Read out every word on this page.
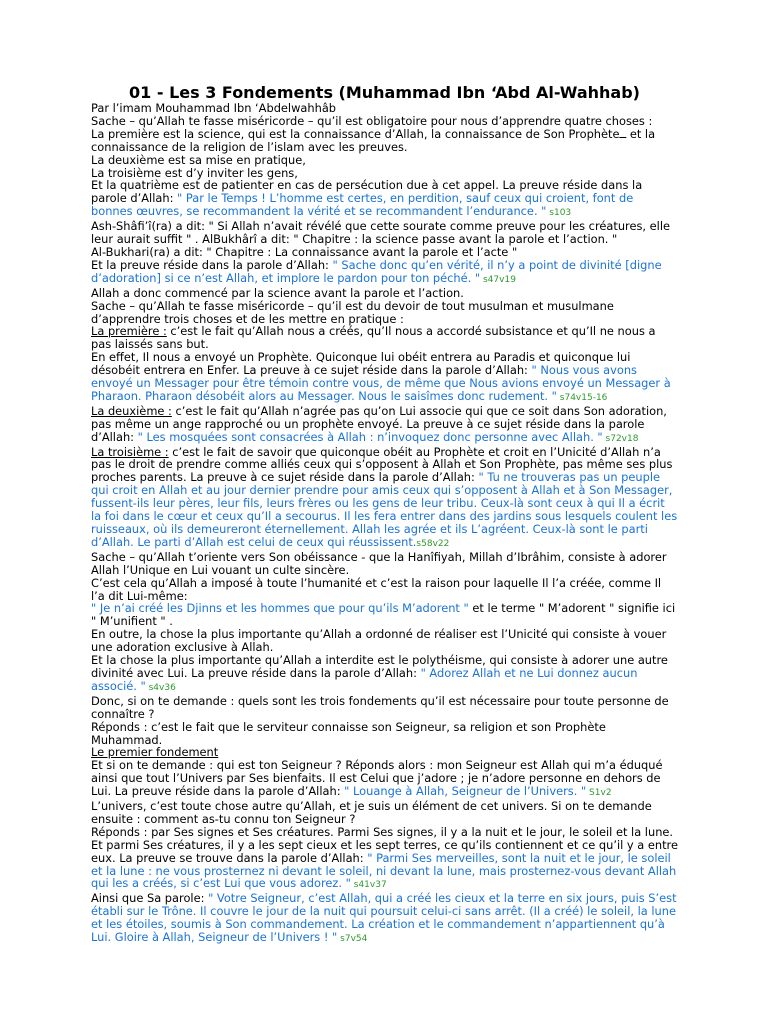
01 - Les 3 Fondements (Muhammad Ibn ‘Abd Al-Wahhab)

Par l’imam Mouhammad Ibn ‘Abdelwahhâb

Sache – qu’Allah te fasse miséricorde – qu’il est obligatoire pour nous d’apprendre quatre choses :

La première est la science, qui est la connaissance d’Allah, la connaissance de Son Prophèteــ et la connaissance de la religion de l’islam avec les preuves.

La deuxième est sa mise en pratique,

La troisième est d’y inviter les gens,

Et la quatrième est de patienter en cas de persécution due à cet appel. La preuve réside dans la parole d’Allah: " Par le Temps ! L’homme est certes, en perdition, sauf ceux qui croient, font de bonnes œuvres, se recommandent la vérité et se recommandent l’endurance. " s103

Ash-Shâfi’î(ra) a dit: " Si Allah n’avait révélé que cette sourate comme preuve pour les créatures, elle leur aurait suffit " . AlBukhârî a dit: " Chapitre : la science passe avant la parole et l’action. "

Al-Bukhari(ra) a dit: " Chapitre : La connaissance avant la parole et l’acte "

Et la preuve réside dans la parole d’Allah: " Sache donc qu’en vérité, il n’y a point de divinité [digne d’adoration] si ce n’est Allah, et implore le pardon pour ton péché. " s47v19

Allah a donc commencé par la science avant la parole et l’action.

Sache – qu’Allah te fasse miséricorde – qu’il est du devoir de tout musulman et musulmane d’apprendre trois choses et de les mettre en pratique :

La première : c’est le fait qu’Allah nous a créés, qu’Il nous a accordé subsistance et qu’Il ne nous a pas laissés sans but.

En effet, Il nous a envoyé un Prophète. Quiconque lui obéit entrera au Paradis et quiconque lui désobéit entrera en Enfer. La preuve à ce sujet réside dans la parole d’Allah: " Nous vous avons envoyé un Messager pour être témoin contre vous, de même que Nous avions envoyé un Messager à Pharaon. Pharaon désobéit alors au Messager. Nous le saisîmes donc rudement. " s74v15-16

La deuxième : c’est le fait qu’Allah n’agrée pas qu’on Lui associe qui que ce soit dans Son adoration, pas même un ange rapproché ou un prophète envoyé. La preuve à ce sujet réside dans la parole d’Allah: " Les mosquées sont consacrées à Allah : n’invoquez donc personne avec Allah. " s72v18

La troisième : c’est le fait de savoir que quiconque obéit au Prophète et croit en l’Unicité d’Allah n’a pas le droit de prendre comme alliés ceux qui s’opposent à Allah et Son Prophète, pas même ses plus proches parents. La preuve à ce sujet réside dans la parole d’Allah: " Tu ne trouveras pas un peuple qui croit en Allah et au jour dernier prendre pour amis ceux qui s’opposent à Allah et à Son Messager, fussent-ils leur pères, leur fils, leurs frères ou les gens de leur tribu. Ceux-là sont ceux à qui Il a écrit la foi dans le cœur et ceux qu’Il a secourus. Il les fera entrer dans des jardins sous lesquels coulent les ruisseaux, où ils demeureront éternellement. Allah les agrée et ils L’agréent. Ceux-là sont le parti d’Allah. Le parti d’Allah est celui de ceux qui réussissent.s58v22

Sache – qu’Allah t’oriente vers Son obéissance - que la Hanîfiyah, Millah d’Ibrâhim, consiste à adorer Allah l’Unique en Lui vouant un culte sincère.

C’est cela qu’Allah a imposé à toute l’humanité et c’est la raison pour laquelle Il l’a créée, comme Il l’a dit Lui-même:

" Je n’ai créé les Djinns et les hommes que pour qu’ils M’adorent " et le terme " M’adorent " signifie ici " M’unifient " .

En outre, la chose la plus importante qu’Allah a ordonné de réaliser est l’Unicité qui consiste à vouer une adoration exclusive à Allah.

Et la chose la plus importante qu’Allah a interdite est le polythéisme, qui consiste à adorer une autre divinité avec Lui. La preuve réside dans la parole d’Allah: " Adorez Allah et ne Lui donnez aucun associé. " s4v36

Donc, si on te demande : quels sont les trois fondements qu’il est nécessaire pour toute personne de connaître ?

Réponds : c’est le fait que le serviteur connaisse son Seigneur, sa religion et son Prophète Muhammad.

Le premier fondement

Et si on te demande : qui est ton Seigneur ? Réponds alors : mon Seigneur est Allah qui m’a éduqué ainsi que tout l’Univers par Ses bienfaits. Il est Celui que j’adore ; je n’adore personne en dehors de Lui. La preuve réside dans la parole d’Allah: " Louange à Allah, Seigneur de l’Univers. " S1v2

L’univers, c’est toute chose autre qu’Allah, et je suis un élément de cet univers. Si on te demande ensuite : comment as-tu connu ton Seigneur ?

Réponds : par Ses signes et Ses créatures. Parmi Ses signes, il y a la nuit et le jour, le soleil et la lune. Et parmi Ses créatures, il y a les sept cieux et les sept terres, ce qu’ils contiennent et ce qu’il y a entre eux. La preuve se trouve dans la parole d’Allah: " Parmi Ses merveilles, sont la nuit et le jour, le soleil et la lune : ne vous prosternez ni devant le soleil, ni devant la lune, mais prosternez-vous devant Allah qui les a créés, si c’est Lui que vous adorez. " s41v37

Ainsi que Sa parole: " Votre Seigneur, c’est Allah, qui a créé les cieux et la terre en six jours, puis S’est établi sur le Trône. Il couvre le jour de la nuit qui poursuit celui-ci sans arrêt. (Il a créé) le soleil, la lune et les étoiles, soumis à Son commandement. La création et le commandement n’appartiennent qu’à Lui. Gloire à Allah, Seigneur de l’Univers ! " s7v54
